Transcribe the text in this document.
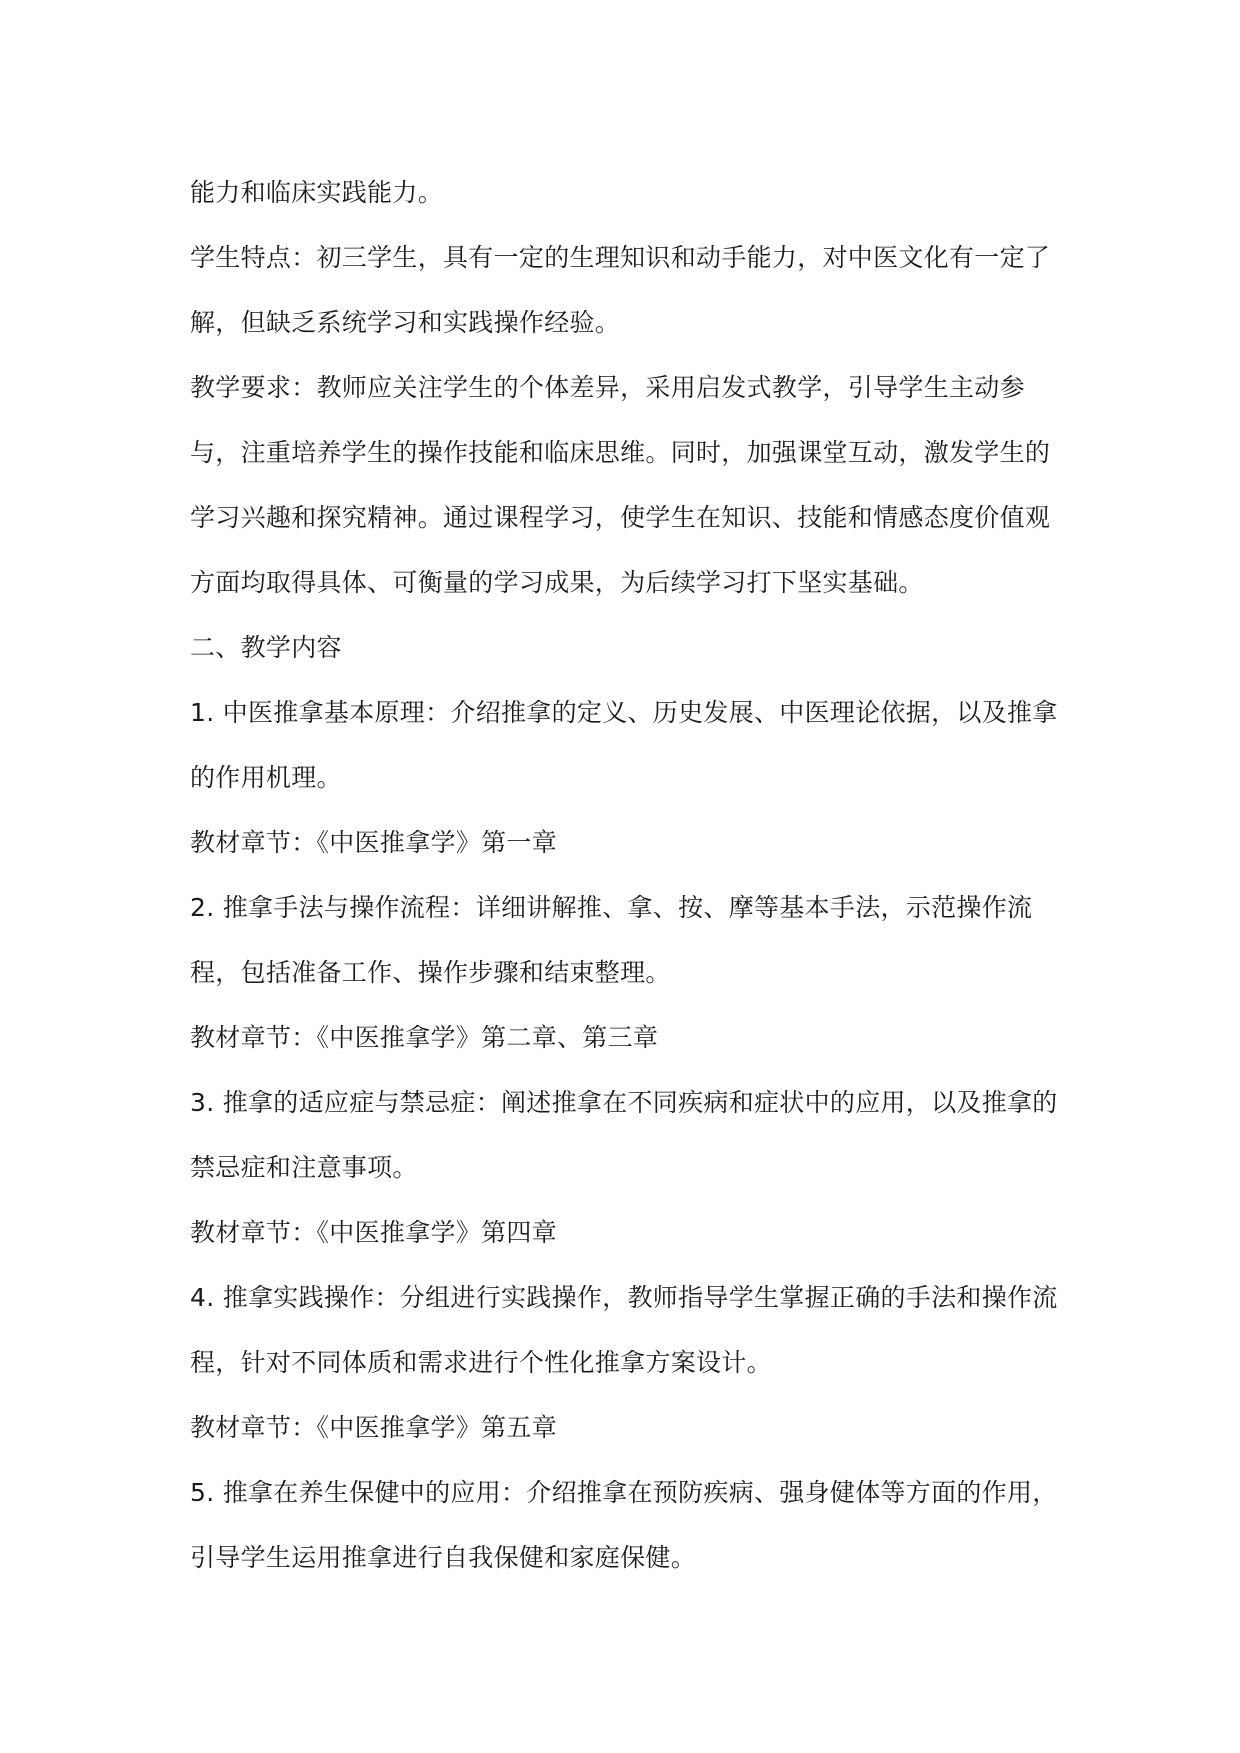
能力和临床实践能力。

学生特点：初三学生，具有一定的生理知识和动手能力，对中医文化有一定了解，但缺乏系统学习和实践操作经验。

教学要求：教师应关注学生的个体差异，采用启发式教学，引导学生主动参与，注重培养学生的操作技能和临床思维。同时，加强课堂互动，激发学生的学习兴趣和探究精神。通过课程学习，使学生在知识、技能和情感态度价值观方面均取得具体、可衡量的学习成果，为后续学习打下坚实基础。

二、教学内容

1. 中医推拿基本原理：介绍推拿的定义、历史发展、中医理论依据，以及推拿的作用机理。

教材章节：《中医推拿学》第一章

2. 推拿手法与操作流程：详细讲解推、拿、按、摩等基本手法，示范操作流程，包括准备工作、操作步骤和结束整理。

教材章节：《中医推拿学》第二章、第三章

3. 推拿的适应症与禁忌症：阐述推拿在不同疾病和症状中的应用，以及推拿的禁忌症和注意事项。

教材章节：《中医推拿学》第四章

4. 推拿实践操作：分组进行实践操作，教师指导学生掌握正确的手法和操作流程，针对不同体质和需求进行个性化推拿方案设计。

教材章节：《中医推拿学》第五章

5. 推拿在养生保健中的应用：介绍推拿在预防疾病、强身健体等方面的作用，引导学生运用推拿进行自我保健和家庭保健。
